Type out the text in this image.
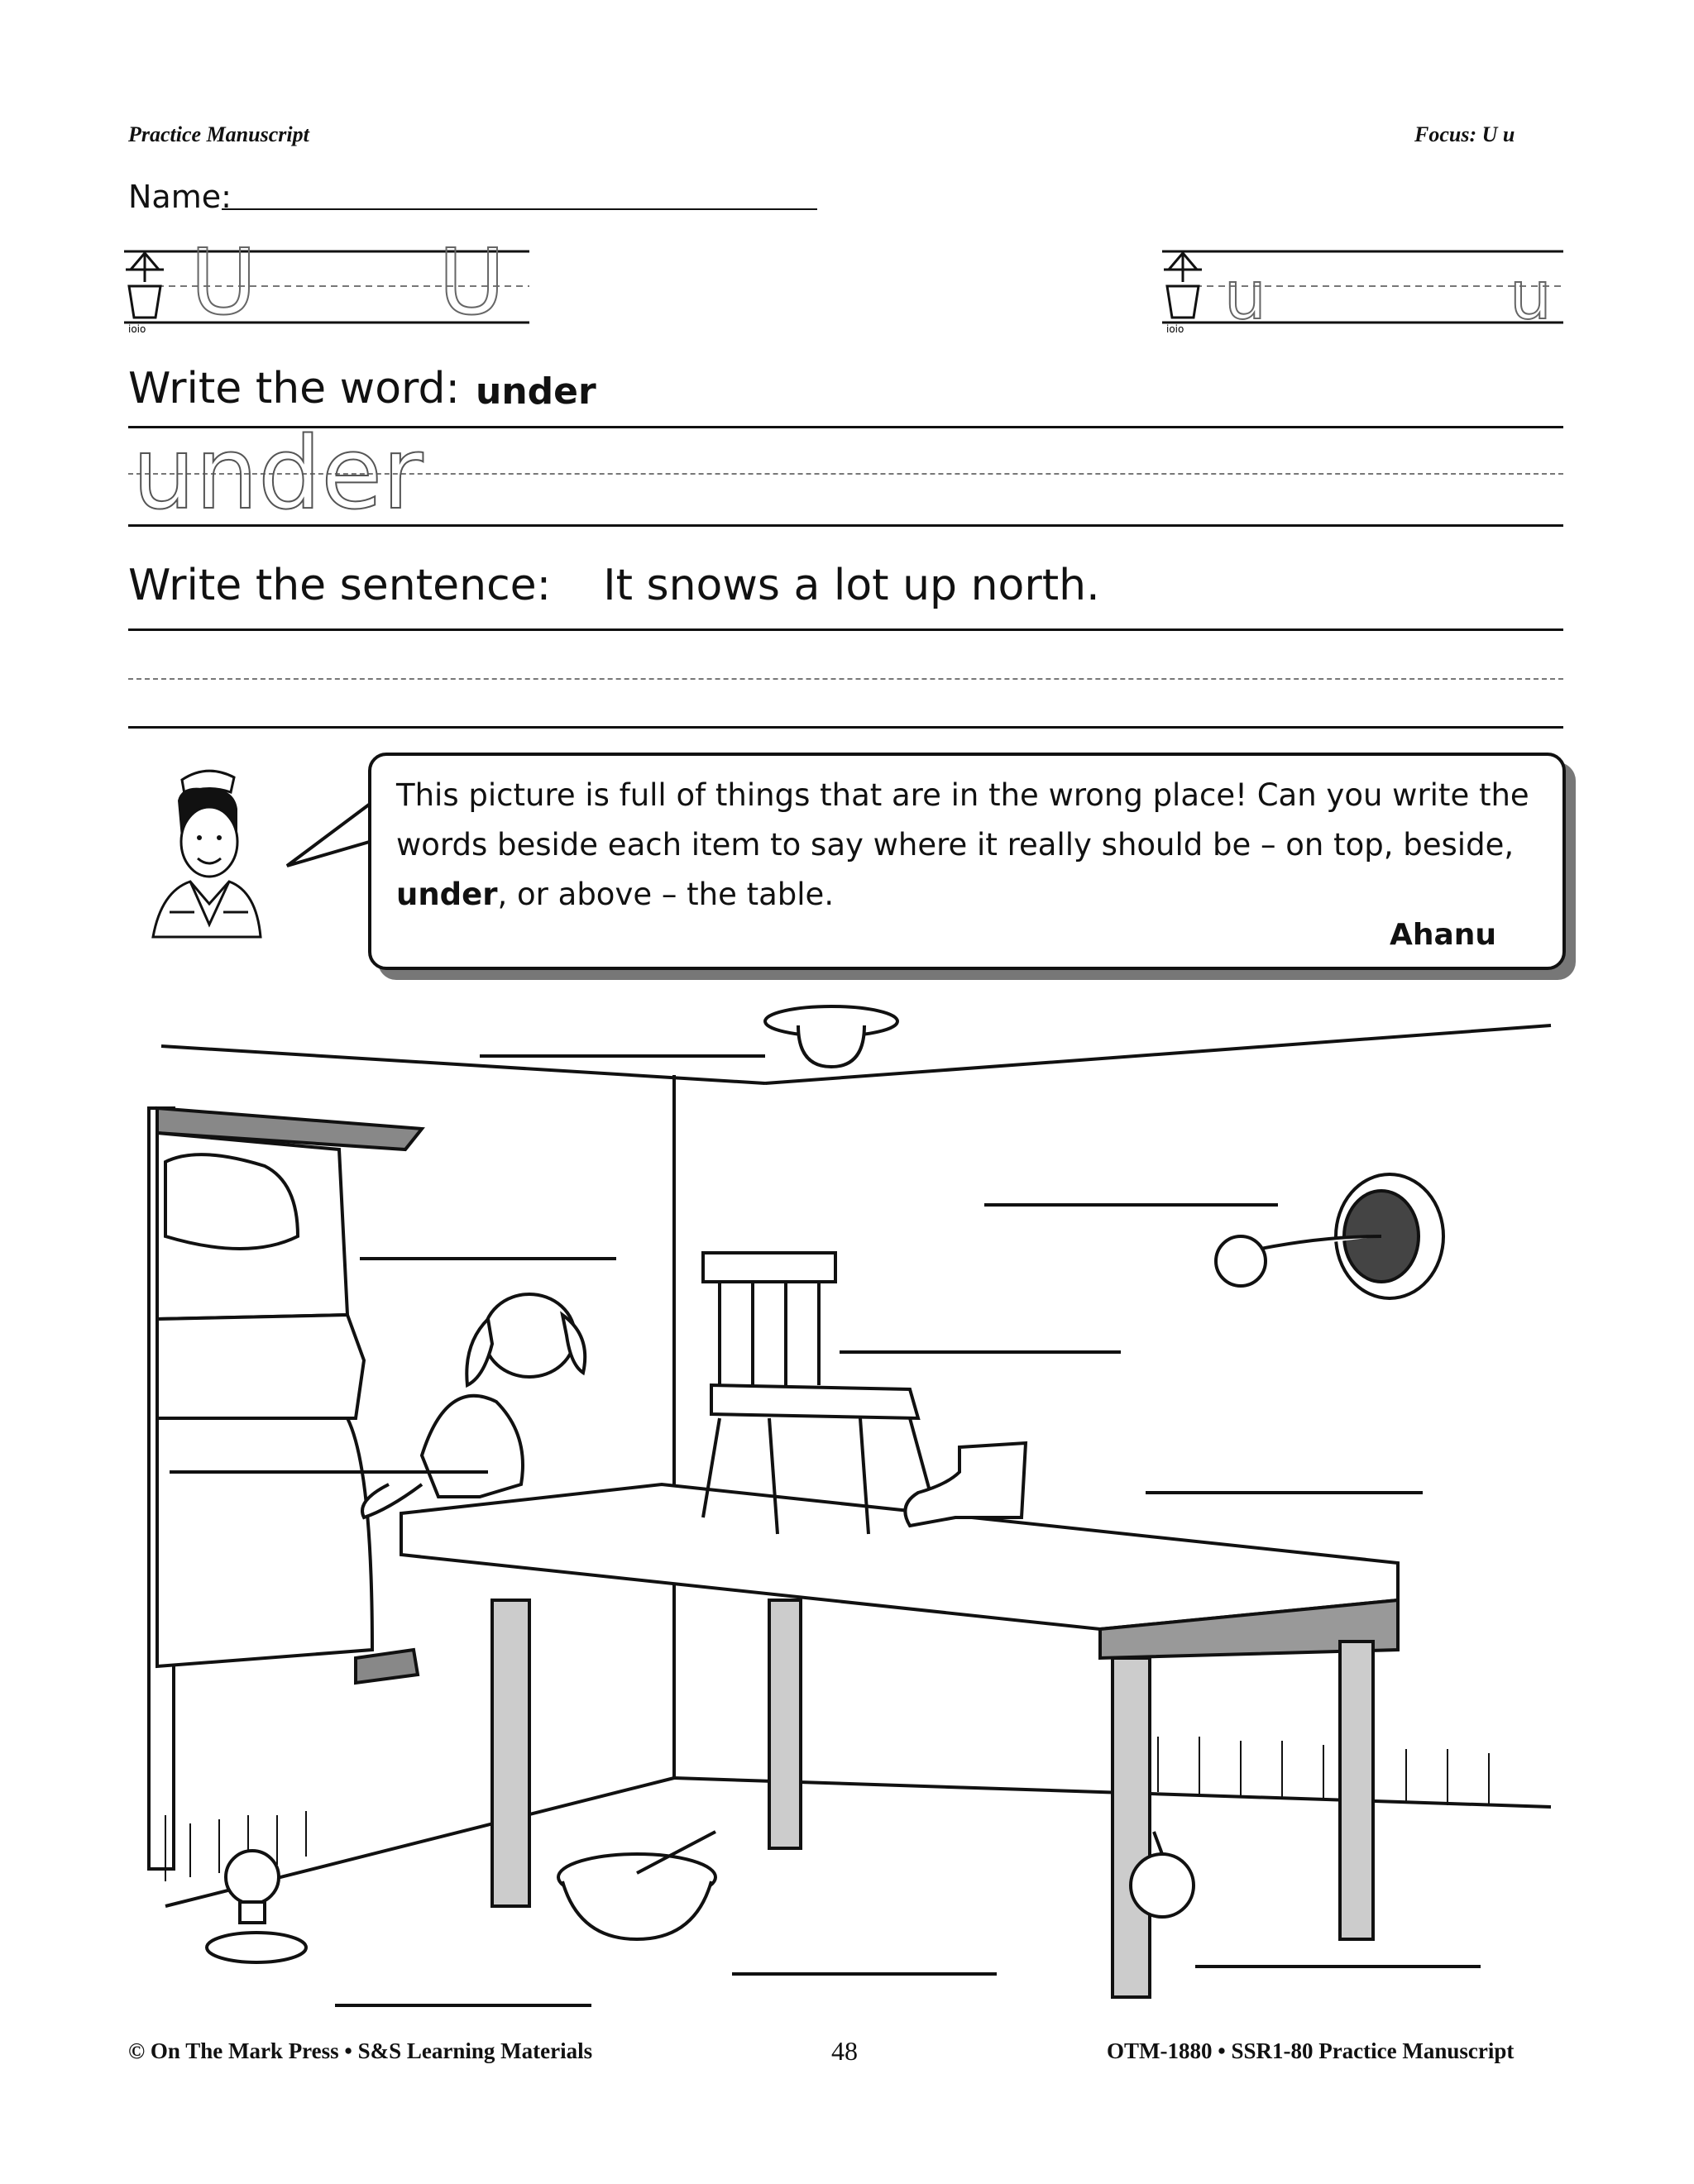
Practice Manuscript	Focus: U u
Name:
ioio U U	ioio u	u
Write the word: under
under
Write the sentence: It snows a lot up north.
This picture is full of things that are in the wrong place! Can you write the words beside each item to say where it really should be – on top, beside, under, or above – the table.
Ahanu
© On The Mark Press • S&S Learning Materials	48	OTM-1880 • SSR1-80 Practice Manuscript
